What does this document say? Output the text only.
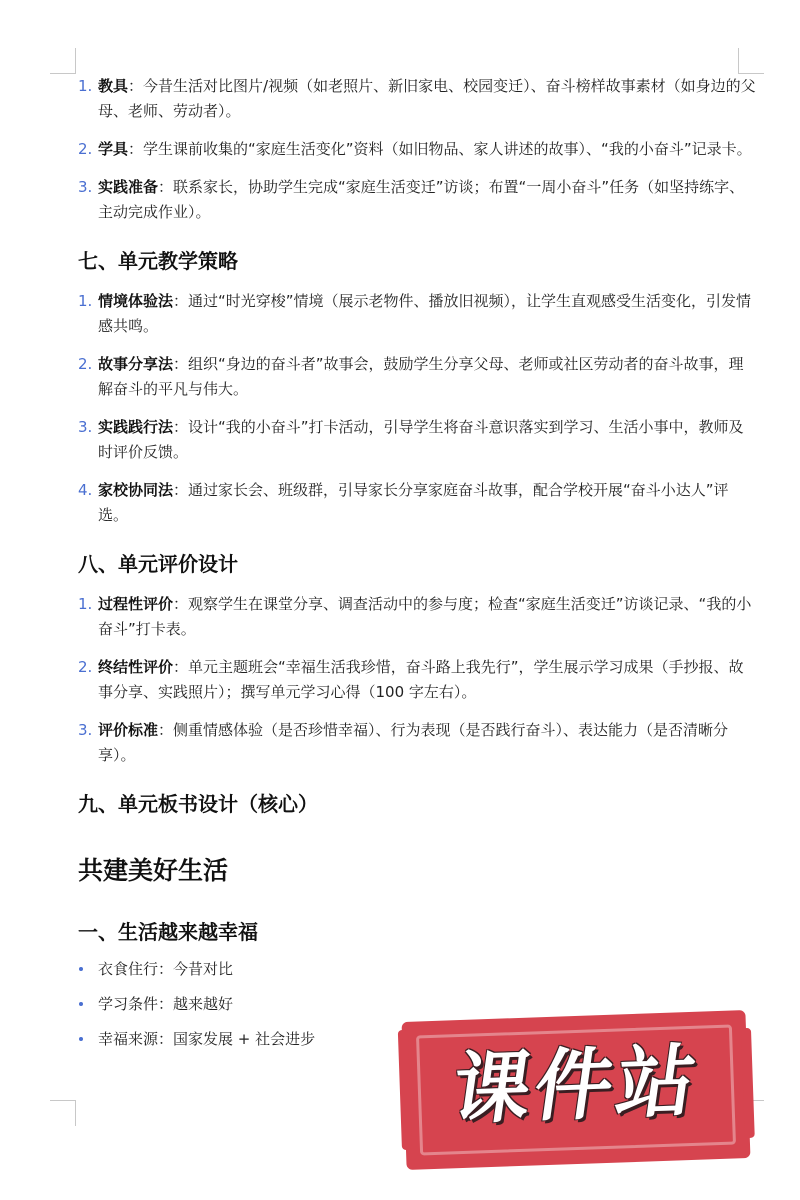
1. 教具：今昔生活对比图片/视频（如老照片、新旧家电、校园变迁）、奋斗榜样故事素材（如身边的父母、老师、劳动者）。
2. 学具：学生课前收集的“家庭生活变化”资料（如旧物品、家人讲述的故事）、“我的小奋斗”记录卡。
3. 实践准备：联系家长，协助学生完成“家庭生活变迁”访谈；布置“一周小奋斗”任务（如坚持练字、主动完成作业）。
七、单元教学策略
1. 情境体验法：通过“时光穿梭”情境（展示老物件、播放旧视频），让学生直观感受生活变化，引发情感共鸣。
2. 故事分享法：组织“身边的奋斗者”故事会，鼓励学生分享父母、老师或社区劳动者的奋斗故事，理解奋斗的平凡与伟大。
3. 实践践行法：设计“我的小奋斗”打卡活动，引导学生将奋斗意识落实到学习、生活小事中，教师及时评价反馈。
4. 家校协同法：通过家长会、班级群，引导家长分享家庭奋斗故事，配合学校开展“奋斗小达人”评选。
八、单元评价设计
1. 过程性评价：观察学生在课堂分享、调查活动中的参与度；检查“家庭生活变迁”访谈记录、“我的小奋斗”打卡表。
2. 终结性评价：单元主题班会“幸福生活我珍惜，奋斗路上我先行”，学生展示学习成果（手抄报、故事分享、实践照片）；撰写单元学习心得（100 字左右）。
3. 评价标准：侧重情感体验（是否珍惜幸福）、行为表现（是否践行奋斗）、表达能力（是否清晰分享）。
九、单元板书设计（核心）
共建美好生活
一、生活越来越幸福
衣食住行：今昔对比
学习条件：越来越好
幸福来源：国家发展 + 社会进步	课件站
